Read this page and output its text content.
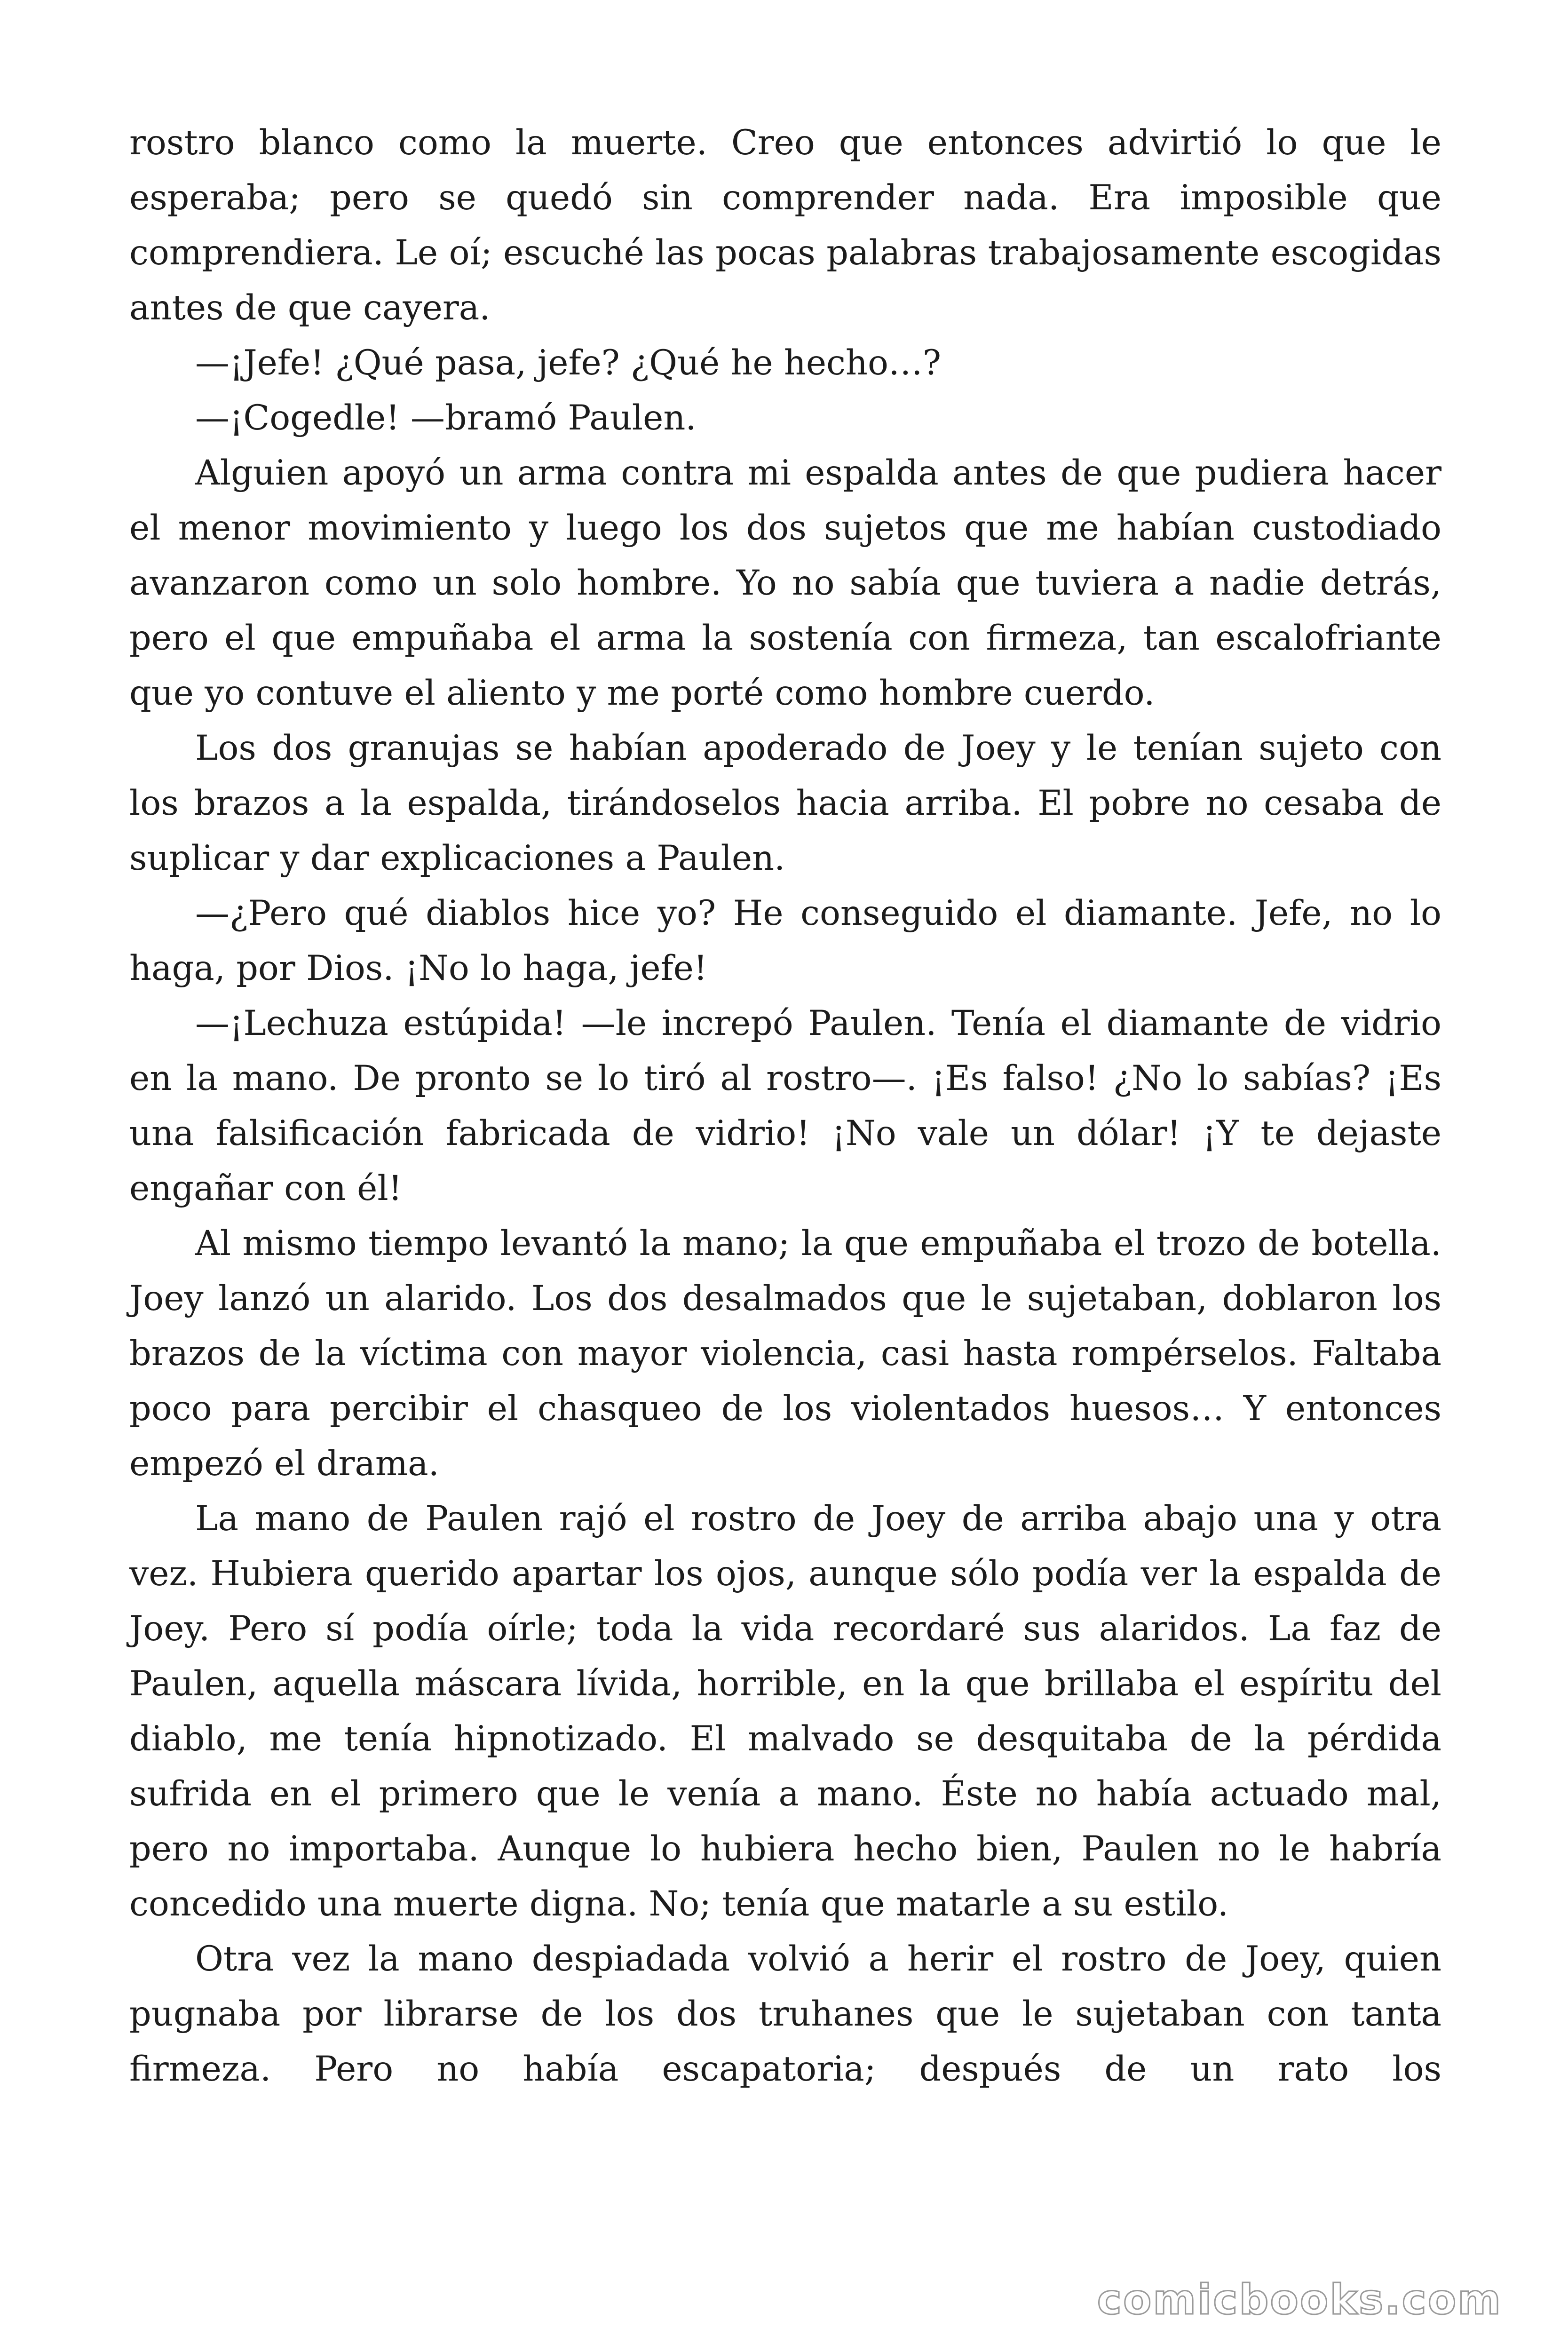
rostro blanco como la muerte. Creo que entonces advirtió lo que le esperaba; pero se quedó sin comprender nada. Era imposible que comprendiera. Le oí; escuché las pocas palabras trabajosamente escogidas antes de que cayera.

—¡Jefe! ¿Qué pasa, jefe? ¿Qué he hecho…?

—¡Cogedle! —bramó Paulen.

Alguien apoyó un arma contra mi espalda antes de que pudiera hacer el menor movimiento y luego los dos sujetos que me habían custodiado avanzaron como un solo hombre. Yo no sabía que tuviera a nadie detrás, pero el que empuñaba el arma la sostenía con firmeza, tan escalofriante que yo contuve el aliento y me porté como hombre cuerdo.

Los dos granujas se habían apoderado de Joey y le tenían sujeto con los brazos a la espalda, tirándoselos hacia arriba. El pobre no cesaba de suplicar y dar explicaciones a Paulen.

—¿Pero qué diablos hice yo? He conseguido el diamante. Jefe, no lo haga, por Dios. ¡No lo haga, jefe!

—¡Lechuza estúpida! —le increpó Paulen. Tenía el diamante de vidrio en la mano. De pronto se lo tiró al rostro—. ¡Es falso! ¿No lo sabías? ¡Es una falsificación fabricada de vidrio! ¡No vale un dólar! ¡Y te dejaste engañar con él!

Al mismo tiempo levantó la mano; la que empuñaba el trozo de botella. Joey lanzó un alarido. Los dos desalmados que le sujetaban, doblaron los brazos de la víctima con mayor violencia, casi hasta rompérselos. Faltaba poco para percibir el chasqueo de los violentados huesos… Y entonces empezó el drama.

La mano de Paulen rajó el rostro de Joey de arriba abajo una y otra vez. Hubiera querido apartar los ojos, aunque sólo podía ver la espalda de Joey. Pero sí podía oírle; toda la vida recordaré sus alaridos. La faz de Paulen, aquella máscara lívida, horrible, en la que brillaba el espíritu del diablo, me tenía hipnotizado. El malvado se desquitaba de la pérdida sufrida en el primero que le venía a mano. Éste no había actuado mal, pero no importaba. Aunque lo hubiera hecho bien, Paulen no le habría concedido una muerte digna. No; tenía que matarle a su estilo.

Otra vez la mano despiadada volvió a herir el rostro de Joey, quien pugnaba por librarse de los dos truhanes que le sujetaban con tanta firmeza. Pero no había escapatoria; después de un rato los

comicbooks.com
